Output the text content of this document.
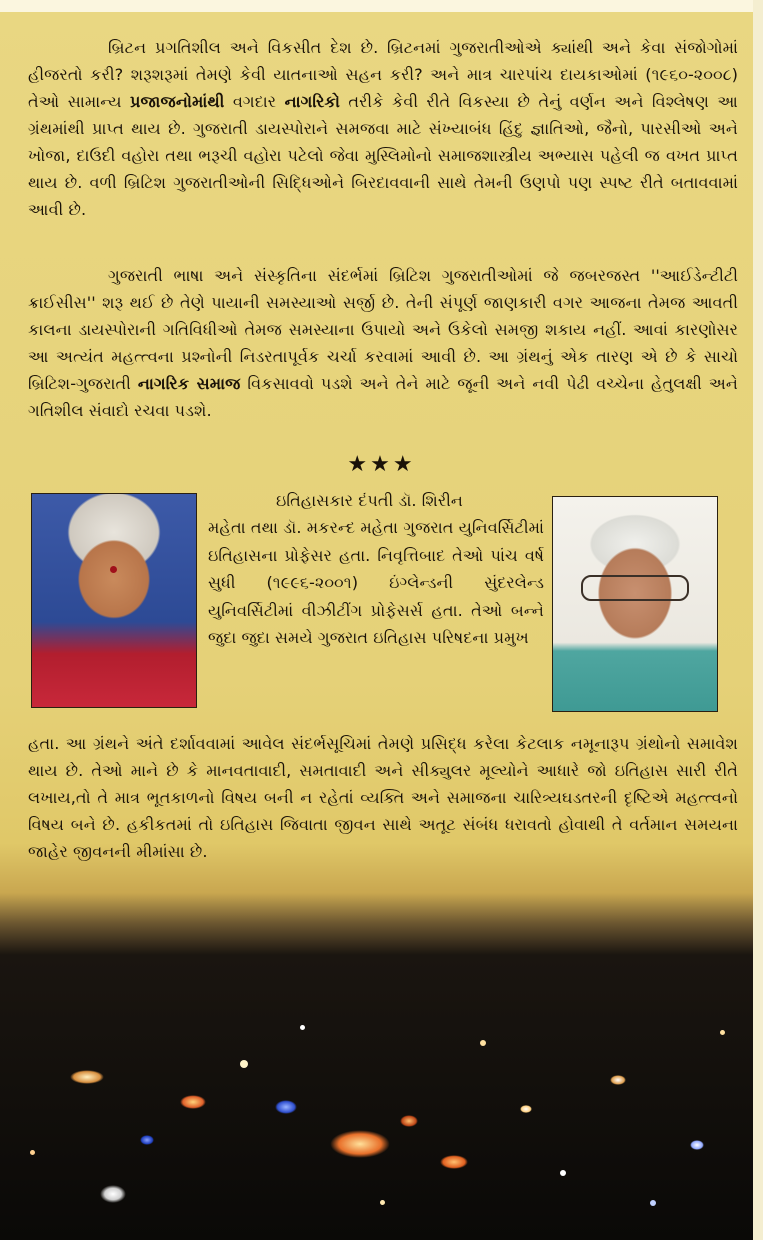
બ્રિટન પ્રગતિશીલ અને વિકસીત દેશ છે. બ્રિટનમાં ગુજરાતીઓએ ક્યાંથી અને કેવા સંજોગોમાં હીજરતો કરી? શરૂશરૂમાં તેમણે કેવી યાતનાઓ સહન કરી? અને માત્ર ચારપાંચ દાયકાઓમાં (૧૯૬૦-૨૦૦૮) તેઓ સામાન્ય પ્રજાજનોમાંથી વગદાર નાગરિકો તરીકે કેવી રીતે વિકસ્યા છે તેનું વર્ણન અને વિશ્લેષણ આ ગ્રંથમાંથી પ્રાપ્ત થાય છે. ગુજરાતી ડાયસ્પોરાને સમજવા માટે સંખ્યાબંધ હિંદુ જ્ઞાતિઓ, જૈનો, પારસીઓ અને ખોજા, દાઉદી વહોરા તથા ભરૂચી વહોરા પટેલો જેવા મુસ્લિમોનો સમાજશાસ્ત્રીય અભ્યાસ પહેલી જ વખત પ્રાપ્ત થાય છે. વળી બ્રિટિશ ગુજરાતીઓની સિદ્ધિઓને બિરદાવવાની સાથે તેમની ઉણપો પણ સ્પષ્ટ રીતે બતાવવામાં આવી છે.
ગુજરાતી ભાષા અને સંસ્કૃતિના સંદર્ભમાં બ્રિટિશ ગુજરાતીઓમાં જે જબરજસ્ત ''આઈડેન્ટીટી ક્રાઈસીસ'' શરૂ થઈ છે તેણે પાયાની સમસ્યાઓ સર્જી છે. તેની સંપૂર્ણ જાણકારી વગર આજના તેમજ આવતી કાલના ડાયસ્પોરાની ગતિવિધીઓ તેમજ સમસ્યાના ઉપાયો અને ઉકેલો સમજી શકાય નહીં. આવાં કારણોસર આ અત્યંત મહત્ત્વના પ્રશ્નોની નિડરતાપૂર્વક ચર્ચા કરવામાં આવી છે. આ ગ્રંથનું એક તારણ એ છે કે સાચો બ્રિટિશ-ગુજરાતી નાગરિક સમાજ વિકસાવવો પડશે અને તેને માટે જૂની અને નવી પેઢી વચ્ચેના હેતુલક્ષી અને ગતિશીલ સંવાદો રચવા પડશે.
★★★
ઇતિહાસકાર દંપતી ડૉ. શિરીન
મહેતા તથા ડૉ. મકરન્દ મહેતા ગુજરાત યુનિવર્સિટીમાં ઇતિહાસના પ્રોફેસર હતા. નિવૃત્તિબાદ તેઓ પાંચ વર્ષ સુધી (૧૯૯૬-૨૦૦૧) ઇંગ્લેન્ડની સુંદરલેન્ડ યુનિવર્સિટીમાં વીઝીટીંગ પ્રોફેસર્સ હતા. તેઓ બન્ને જુદા જુદા સમયે ગુજરાત ઇતિહાસ પરિષદના પ્રમુખ
હતા. આ ગ્રંથને અંતે દર્શાવવામાં આવેલ સંદર્ભસૂચિમાં તેમણે પ્રસિદ્ધ કરેલા કેટલાક નમૂનારૂપ ગ્રંથોનો સમાવેશ થાય છે. તેઓ માને છે કે માનવતાવાદી, સમતાવાદી અને સીક્યુલર મૂલ્યોને આધારે જો ઇતિહાસ સારી રીતે લખાય,તો તે માત્ર ભૂતકાળનો વિષય બની ન રહેતાં વ્યક્તિ અને સમાજના ચારિત્ર્યઘડતરની દૃષ્ટિએ મહત્ત્વનો વિષય બને છે. હકીકતમાં તો ઇતિહાસ જિવાતા જીવન સાથે અતૂટ સંબંધ ધરાવતો હોવાથી તે વર્તમાન સમયના જાહેર જીવનની મીમાંસા છે.
